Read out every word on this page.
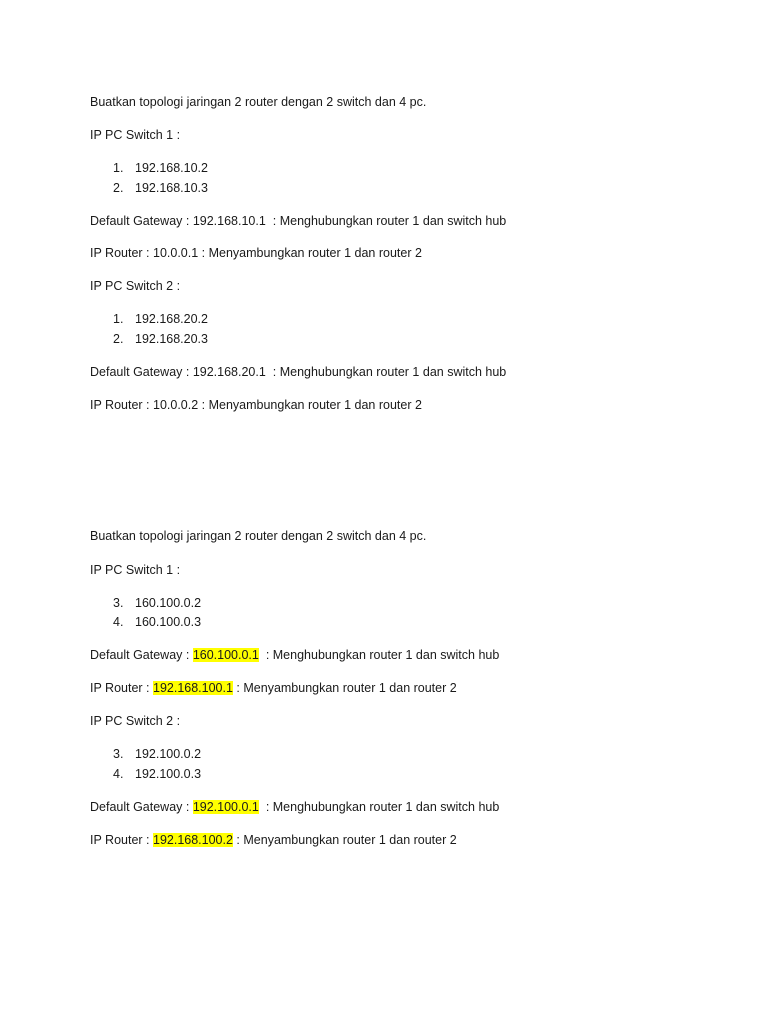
Buatkan topologi jaringan 2 router dengan 2 switch dan 4 pc.
IP PC Switch 1 :
1. 192.168.10.2
2. 192.168.10.3
Default Gateway : 192.168.10.1  : Menghubungkan router 1 dan switch hub
IP Router : 10.0.0.1 : Menyambungkan router 1 dan router 2
IP PC Switch 2 :
1. 192.168.20.2
2. 192.168.20.3
Default Gateway : 192.168.20.1  : Menghubungkan router 1 dan switch hub
IP Router : 10.0.0.2 : Menyambungkan router 1 dan router 2
Buatkan topologi jaringan 2 router dengan 2 switch dan 4 pc.
IP PC Switch 1 :
3. 160.100.0.2
4. 160.100.0.3
Default Gateway : 160.100.0.1  : Menghubungkan router 1 dan switch hub
IP Router : 192.168.100.1 : Menyambungkan router 1 dan router 2
IP PC Switch 2 :
3. 192.100.0.2
4. 192.100.0.3
Default Gateway : 192.100.0.1  : Menghubungkan router 1 dan switch hub
IP Router : 192.168.100.2 : Menyambungkan router 1 dan router 2
